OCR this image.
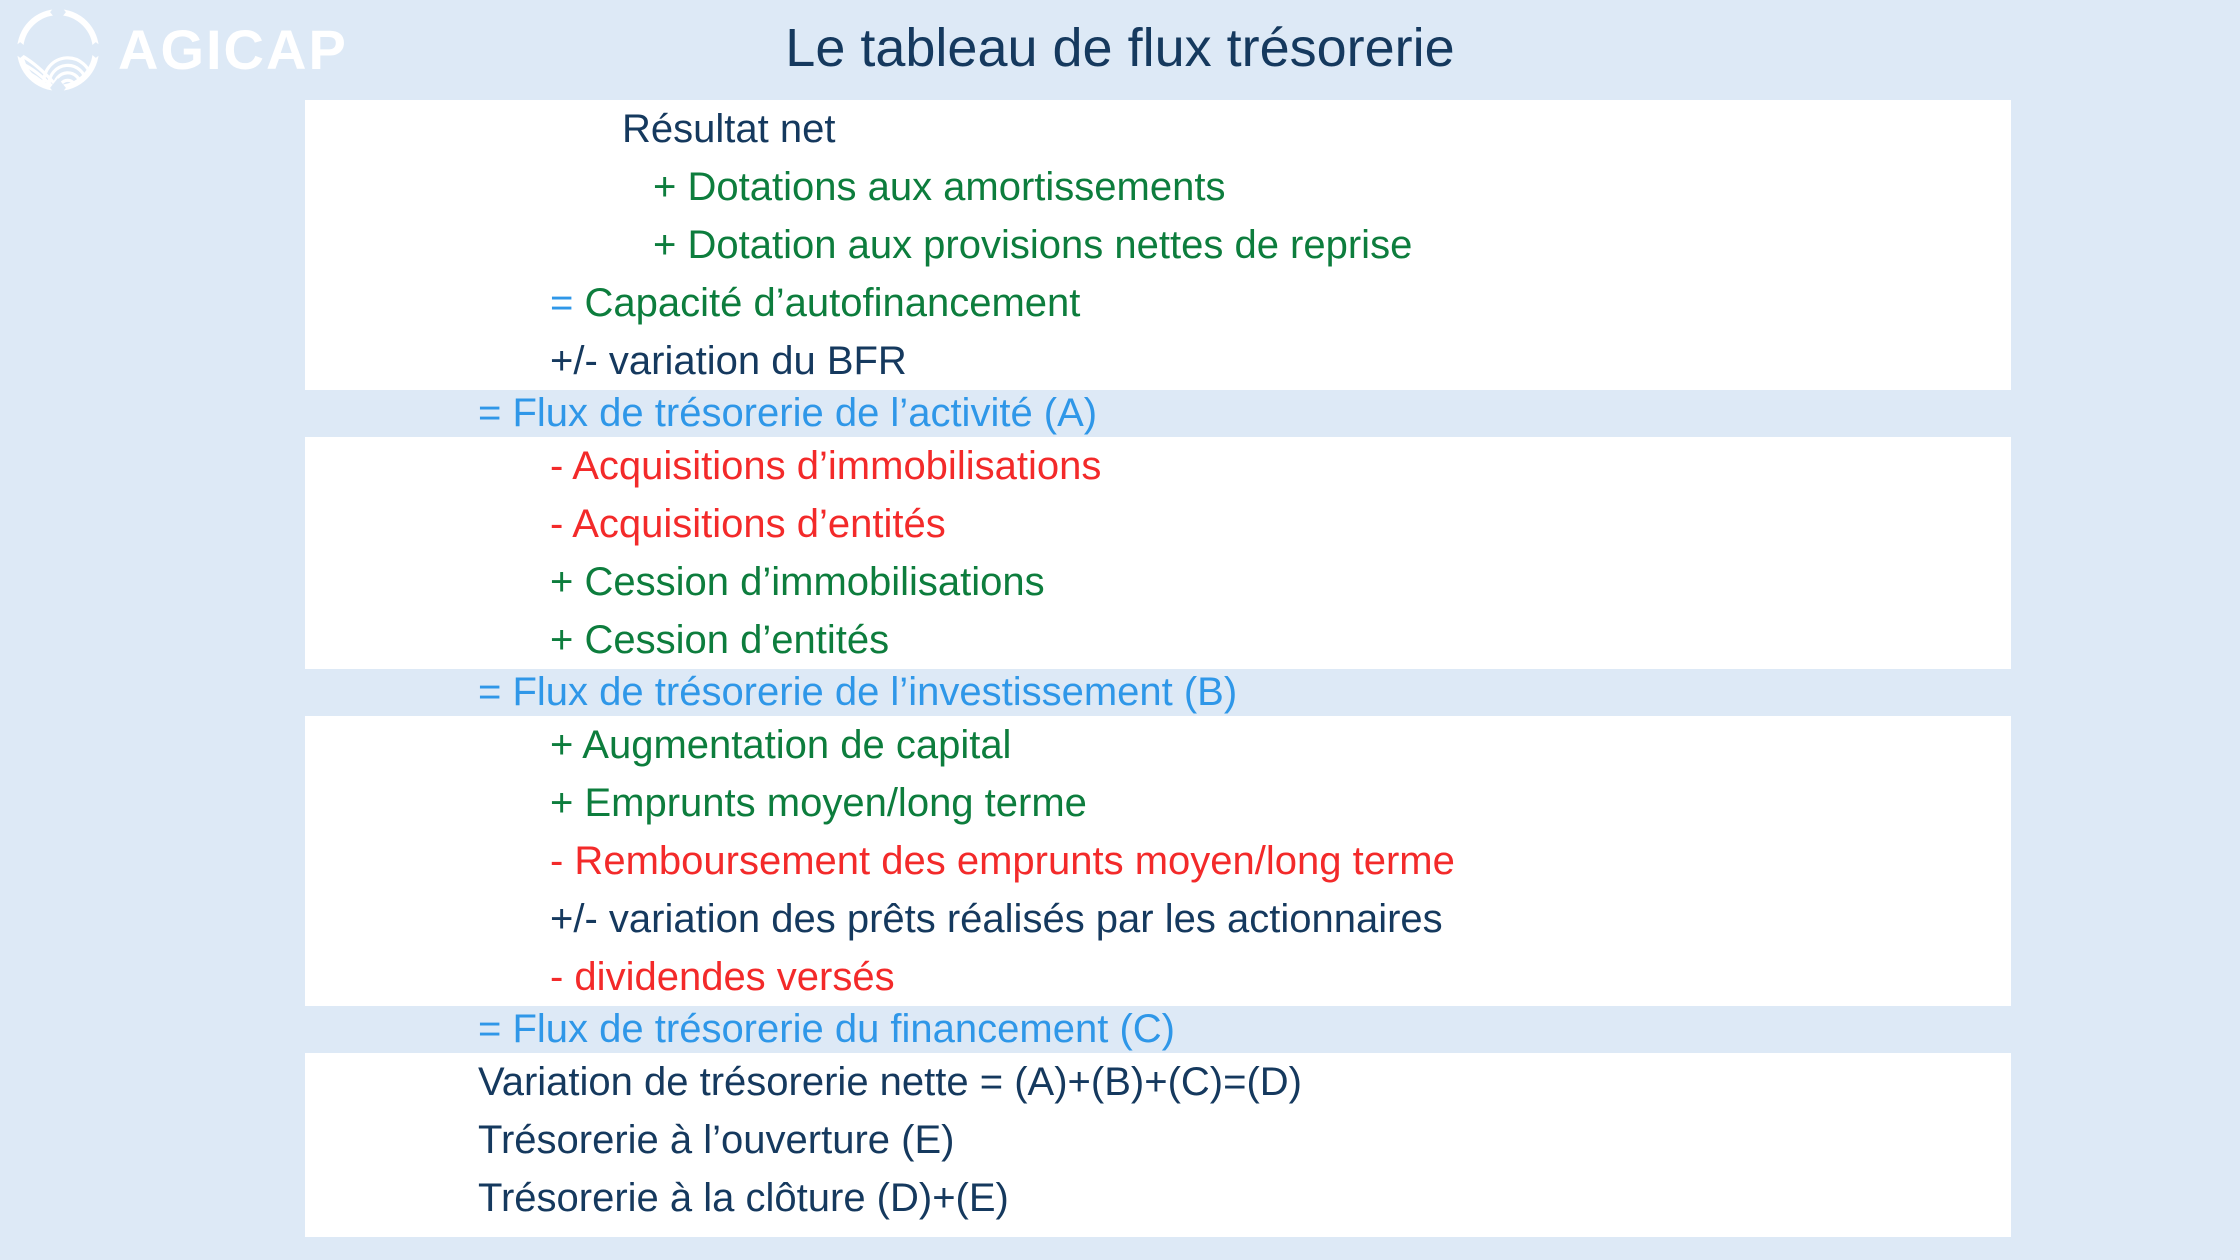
AGICAP	Le tableau de flux trésorerie
Résultat net
+ Dotations aux amortissements
+ Dotation aux provisions nettes de reprise
= Capacité d’autofinancement
+/- variation du BFR
= Flux de trésorerie de l’activité (A)
- Acquisitions d’immobilisations
- Acquisitions d’entités
+ Cession d’immobilisations
+ Cession d’entités
= Flux de trésorerie de l’investissement (B)
+ Augmentation de capital
+ Emprunts moyen/long terme
- Remboursement des emprunts moyen/long terme
+/- variation des prêts réalisés par les actionnaires
- dividendes versés
= Flux de trésorerie du financement (C)
Variation de trésorerie nette = (A)+(B)+(C)=(D)
Trésorerie à l’ouverture (E)
Trésorerie à la clôture (D)+(E)
